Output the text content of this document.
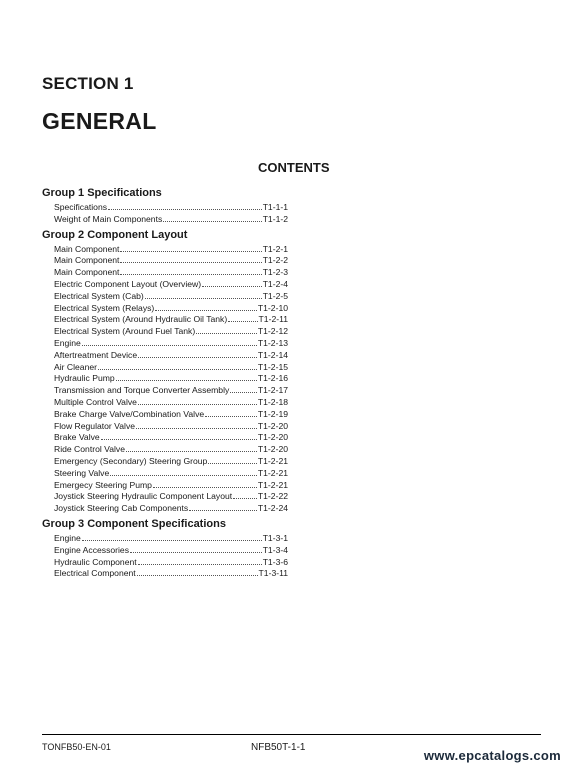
SECTION 1
GENERAL
CONTENTS
Group 1 Specifications
Specifications	T1-1-1
Weight of Main Components	T1-1-2
Group 2 Component Layout
Main Component	T1-2-1
Main Component	T1-2-2
Main Component	T1-2-3
Electric Component Layout (Overview)	T1-2-4
Electrical System (Cab)	T1-2-5
Electrical System (Relays)	T1-2-10
Electrical System (Around Hydraulic Oil Tank)	T1-2-11
Electrical System (Around Fuel Tank)	T1-2-12
Engine	T1-2-13
Aftertreatment Device	T1-2-14
Air Cleaner	T1-2-15
Hydraulic Pump	T1-2-16
Transmission and Torque Converter Assembly	T1-2-17
Multiple Control Valve	T1-2-18
Brake Charge Valve/Combination Valve	T1-2-19
Flow Regulator Valve	T1-2-20
Brake Valve	T1-2-20
Ride Control Valve	T1-2-20
Emergency (Secondary) Steering Group	T1-2-21
Steering Valve	T1-2-21
Emergecy Steering Pump	T1-2-21
Joystick Steering Hydraulic Component Layout	T1-2-22
Joystick Steering Cab Components	T1-2-24
Group 3 Component Specifications
Engine	T1-3-1
Engine Accessories	T1-3-4
Hydraulic Component	T1-3-6
Electrical Component	T1-3-11
TONFB50-EN-01	NFB50T-1-1
www.epcatalogs.com
